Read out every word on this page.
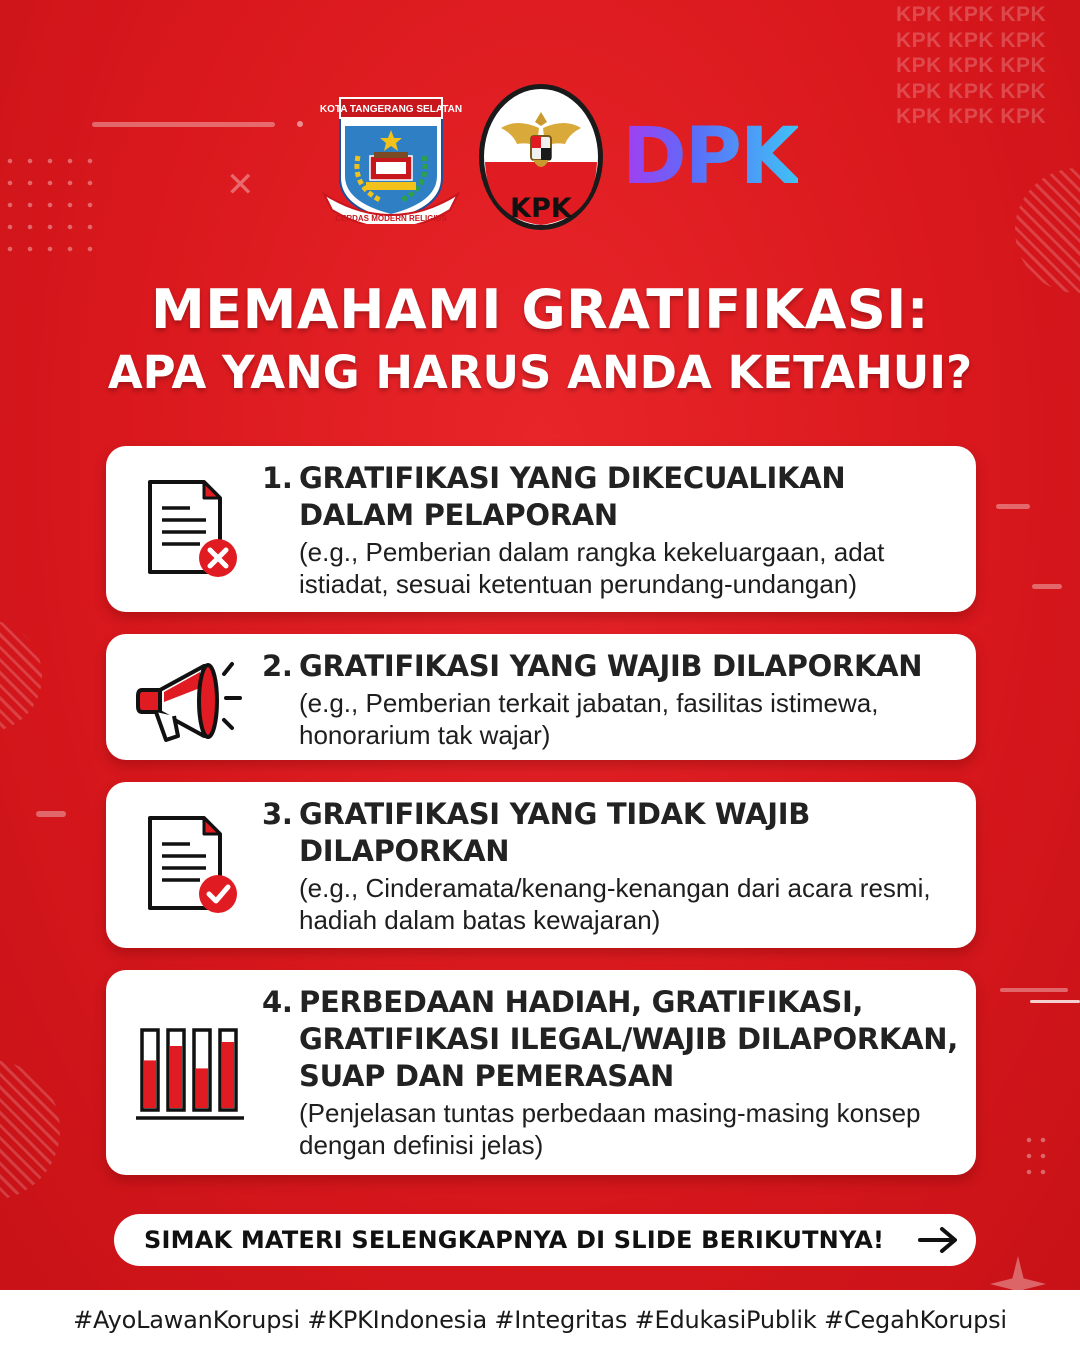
KPK KPK KPK
KPK KPK KPK
KPK KPK KPK
KPK KPK KPK
KPK KPK KPK
✕
KOTA TANGERANG SELATAN
CERDAS MODERN RELIGIUS KPK
DPK
MEMAHAMI GRATIFIKASI:
APA YANG HARUS ANDA KETAHUI?
1. GRATIFIKASI YANG DIKECUALIKAN DALAM PELAPORAN
(e.g., Pemberian dalam rangka kekeluargaan, adat istiadat, sesuai ketentuan perundang-undangan)
2. GRATIFIKASI YANG WAJIB DILAPORKAN
(e.g., Pemberian terkait jabatan, fasilitas istimewa, honorarium tak wajar)
3. GRATIFIKASI YANG TIDAK WAJIB DILAPORKAN
(e.g., Cinderamata/kenang-kenangan dari acara resmi, hadiah dalam batas kewajaran)
4. PERBEDAAN HADIAH, GRATIFIKASI, GRATIFIKASI ILEGAL/WAJIB DILAPORKAN, SUAP DAN PEMERASAN
(Penjelasan tuntas perbedaan masing-masing konsep dengan definisi jelas)
SIMAK MATERI SELENGKAPNYA DI SLIDE BERIKUTNYA!
#AyoLawanKorupsi #KPKIndonesia #Integritas #EdukasiPublik #CegahKorupsi
